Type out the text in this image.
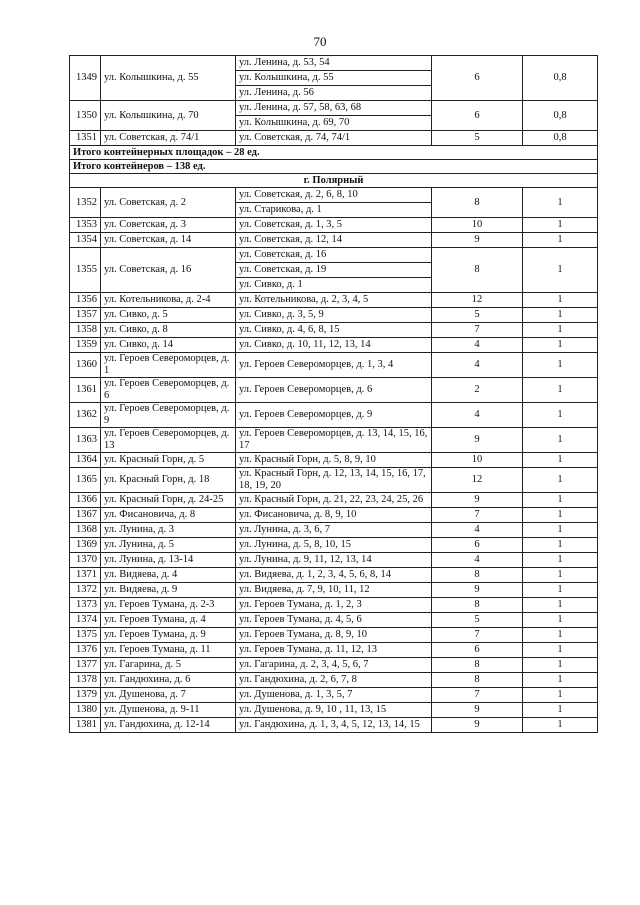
70
1349	ул. Колышкина, д. 55	ул. Ленина, д. 53, 54	6	0,8
		ул. Колышкина, д. 55		
		ул. Ленина, д. 56		
1350	ул. Колышкина, д. 70	ул. Ленина, д. 57, 58, 63, 68	6	0,8
		ул. Колышкина, д. 69, 70		
1351	ул. Советская, д. 74/1	ул. Советская, д. 74, 74/1	5	0,8
Итого контейнерных площадок – 28 ед.				
Итого контейнеров – 138 ед.				
г. Полярный				
1352	ул. Советская, д. 2	ул. Советская, д. 2, 6, 8, 10	8	1
		ул. Старикова, д. 1		
1353	ул. Советская, д. 3	ул. Советская, д. 1, 3, 5	10	1
1354	ул. Советская, д. 14	ул. Советская, д. 12, 14	9	1
1355	ул. Советская, д. 16	ул. Советская, д. 16	8	1
		ул. Советская, д. 19		
		ул. Сивко, д. 1		
1356	ул. Котельникова, д. 2-4	ул. Котельникова, д. 2, 3, 4, 5	12	1
1357	ул. Сивко, д. 5	ул. Сивко, д. 3, 5, 9	5	1
1358	ул. Сивко, д. 8	ул. Сивко, д. 4, 6, 8, 15	7	1
1359	ул. Сивко, д. 14	ул. Сивко, д. 10, 11, 12, 13, 14	4	1
1360	ул. Героев Североморцев, д. 1	ул. Героев Североморцев, д. 1, 3, 4	4	1
1361	ул. Героев Североморцев, д. 6	ул. Героев Североморцев, д. 6	2	1
1362	ул. Героев Североморцев, д. 9	ул. Героев Североморцев, д. 9	4	1
1363	ул. Героев Североморцев, д. 13	ул. Героев Североморцев, д. 13, 14, 15, 16, 17	9	1
1364	ул. Красный Горн, д. 5	ул. Красный Горн, д. 5, 8, 9, 10	10	1
1365	ул. Красный Горн, д. 18	ул. Красный Горн, д. 12, 13, 14, 15, 16, 17, 18, 19, 20	12	1
1366	ул. Красный Горн, д. 24-25	ул. Красный Горн, д. 21, 22, 23, 24, 25, 26	9	1
1367	ул. Фисановича, д. 8	ул. Фисановича, д. 8, 9, 10	7	1
1368	ул. Лунина, д. 3	ул. Лунина, д. 3, 6, 7	4	1
1369	ул. Лунина, д. 5	ул. Лунина, д. 5, 8, 10, 15	6	1
1370	ул. Лунина, д. 13-14	ул. Лунина, д. 9, 11, 12, 13, 14	4	1
1371	ул. Видяева, д. 4	ул. Видяева, д. 1, 2, 3, 4, 5, 6, 8, 14	8	1
1372	ул. Видяева, д. 9	ул. Видяева, д. 7, 9, 10, 11, 12	9	1
1373	ул. Героев Тумана, д. 2-3	ул. Героев Тумана, д. 1, 2, 3	8	1
1374	ул. Героев Тумана, д. 4	ул. Героев Тумана, д. 4, 5, 6	5	1
1375	ул. Героев Тумана, д. 9	ул. Героев Тумана, д. 8, 9, 10	7	1
1376	ул. Героев Тумана, д. 11	ул. Героев Тумана, д. 11, 12, 13	6	1
1377	ул. Гагарина, д. 5	ул. Гагарина, д. 2, 3, 4, 5, 6, 7	8	1
1378	ул. Гандюхина, д. 6	ул. Гандюхина, д. 2, 6, 7, 8	8	1
1379	ул. Душенова, д. 7	ул. Душенова, д. 1, 3, 5, 7	7	1
1380	ул. Душенова, д. 9-11	ул. Душенова, д. 9, 10 , 11, 13, 15	9	1
1381	ул. Гандюхина, д. 12-14	ул. Гандюхина, д. 1, 3, 4, 5, 12, 13, 14, 15	9	1
